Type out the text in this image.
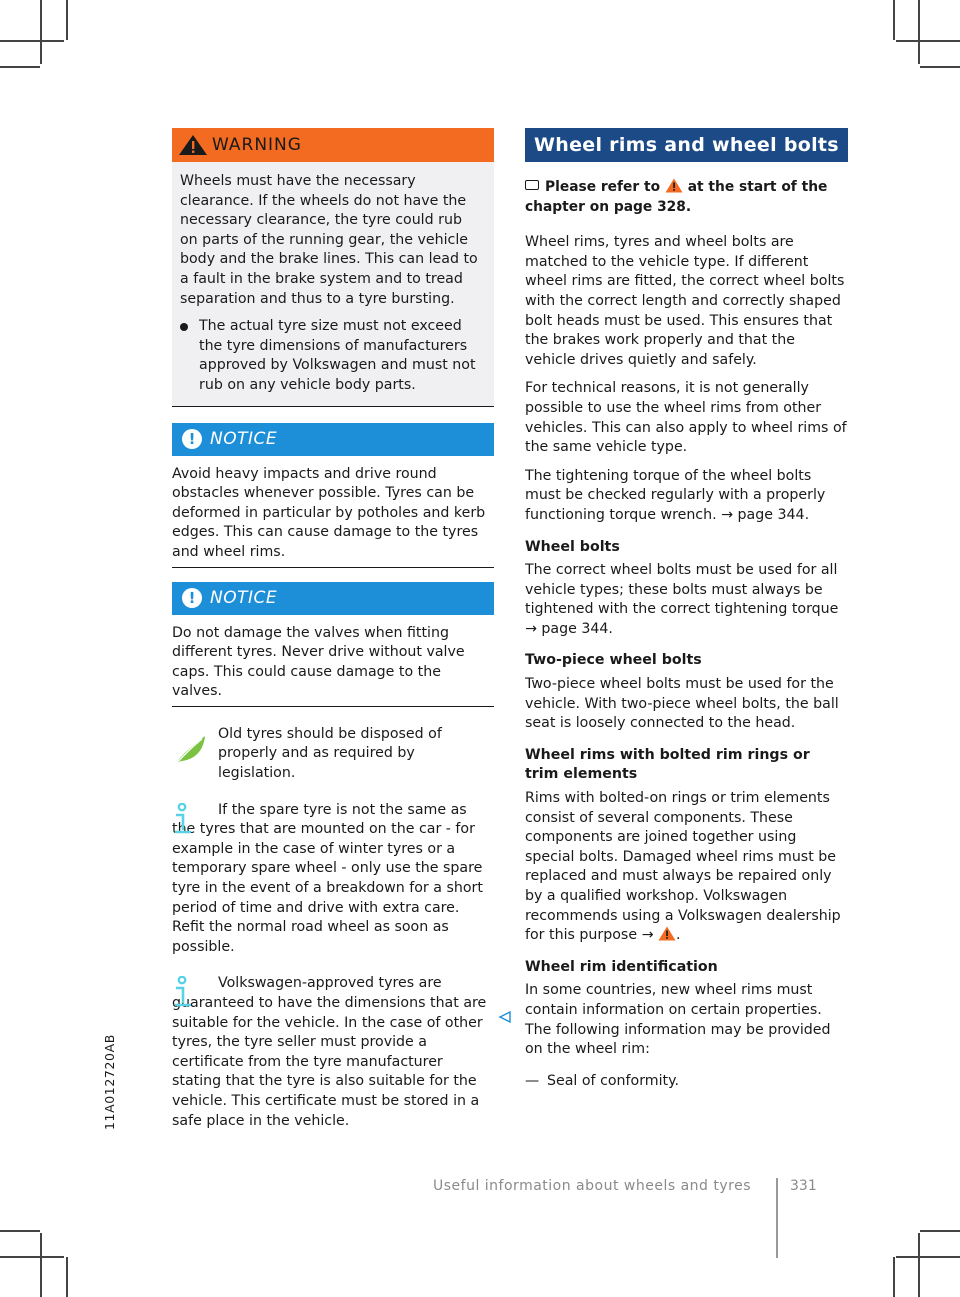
WARNING

Wheels must have the necessary clearance. If the wheels do not have the necessary clearance, the tyre could rub on parts of the running gear, the vehicle body and the brake lines. This can lead to a fault in the brake system and to tread separation and thus to a tyre bursting.

The actual tyre size must not exceed the tyre dimensions of manufacturers approved by Volkswagen and must not rub on any vehicle body parts.
! NOTICE

Avoid heavy impacts and drive round obstacles whenever possible. Tyres can be deformed in particular by potholes and kerb edges. This can cause damage to the tyres and wheel rims.

! NOTICE

Do not damage the valves when fitting different tyres. Never drive without valve caps. This could cause damage to the valves.

Old tyres should be disposed of properly and as required by legislation.

If the spare tyre is not the same as the tyres that are mounted on the car - for example in the case of winter tyres or a temporary spare wheel - only use the spare tyre in the event of a breakdown for a short period of time and drive with extra care. Refit the normal road wheel as soon as possible.

Volkswagen-approved tyres are guaranteed to have the dimensions that are suitable for the vehicle. In the case of other tyres, the tyre seller must provide a certificate from the tyre manufacturer stating that the tyre is also suitable for the vehicle. This certificate must be stored in a safe place in the vehicle.

Wheel rims and wheel bolts

Please refer to at the start of the chapter on page 328.

Wheel rims, tyres and wheel bolts are matched to the vehicle type. If different wheel rims are fitted, the correct wheel bolts with the correct length and correctly shaped bolt heads must be used. This ensures that the brakes work properly and that the vehicle drives quietly and safely.

For technical reasons, it is not generally possible to use the wheel rims from other vehicles. This can also apply to wheel rims of the same vehicle type.

The tightening torque of the wheel bolts must be checked regularly with a properly functioning torque wrench. → page 344.

Wheel bolts

The correct wheel bolts must be used for all vehicle types; these bolts must always be tightened with the correct tightening torque → page 344.

Two-piece wheel bolts

Two-piece wheel bolts must be used for the vehicle. With two-piece wheel bolts, the ball seat is loosely connected to the head.

Wheel rims with bolted rim rings or trim elements

Rims with bolted-on rings or trim elements consist of several components. These components are joined together using special bolts. Damaged wheel rims must be replaced and must always be repaired only by a qualified workshop. Volkswagen recommends using a Volkswagen dealership for this purpose → .

Wheel rim identification

In some countries, new wheel rims must contain information on certain properties. The following information may be provided on the wheel rim:

— Seal of conformity.

Useful information about wheels and tyres	331
11A012720AB
